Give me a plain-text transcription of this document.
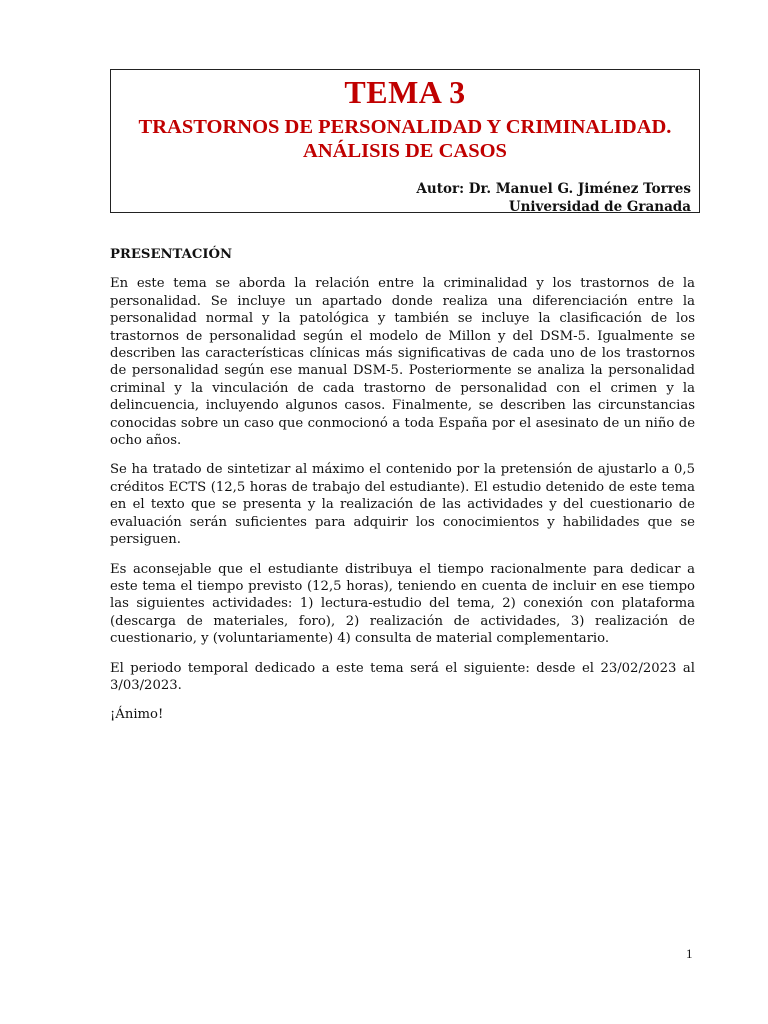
TEMA 3
TRASTORNOS DE PERSONALIDAD Y CRIMINALIDAD.
ANÁLISIS DE CASOS
Autor: Dr. Manuel G. Jiménez Torres
Universidad de Granada
PRESENTACIÓN

En este tema se aborda la relación entre la criminalidad y los trastornos de la personalidad. Se incluye un apartado donde realiza una diferenciación entre la personalidad normal y la patológica y también se incluye la clasificación de los trastornos de personalidad según el modelo de Millon y del DSM-5. Igualmente se describen las características clínicas más significativas de cada uno de los trastornos de personalidad según ese manual DSM-5. Posteriormente se analiza la personalidad criminal y la vinculación de cada trastorno de personalidad con el crimen y la delincuencia, incluyendo algunos casos. Finalmente, se describen las circunstancias conocidas sobre un caso que conmocionó a toda España por el asesinato de un niño de ocho años.

Se ha tratado de sintetizar al máximo el contenido por la pretensión de ajustarlo a 0,5 créditos ECTS (12,5 horas de trabajo del estudiante). El estudio detenido de este tema en el texto que se presenta y la realización de las actividades y del cuestionario de evaluación serán suficientes para adquirir los conocimientos y habilidades que se persiguen.

Es aconsejable que el estudiante distribuya el tiempo racionalmente para dedicar a este tema el tiempo previsto (12,5 horas), teniendo en cuenta de incluir en ese tiempo las siguientes actividades: 1) lectura-estudio del tema, 2) conexión con plataforma (descarga de materiales, foro), 2) realización de actividades, 3) realización de cuestionario, y (voluntariamente) 4) consulta de material complementario.

El periodo temporal dedicado a este tema será el siguiente: desde el 23/02/2023 al 3/03/2023.

¡Ánimo!

1
